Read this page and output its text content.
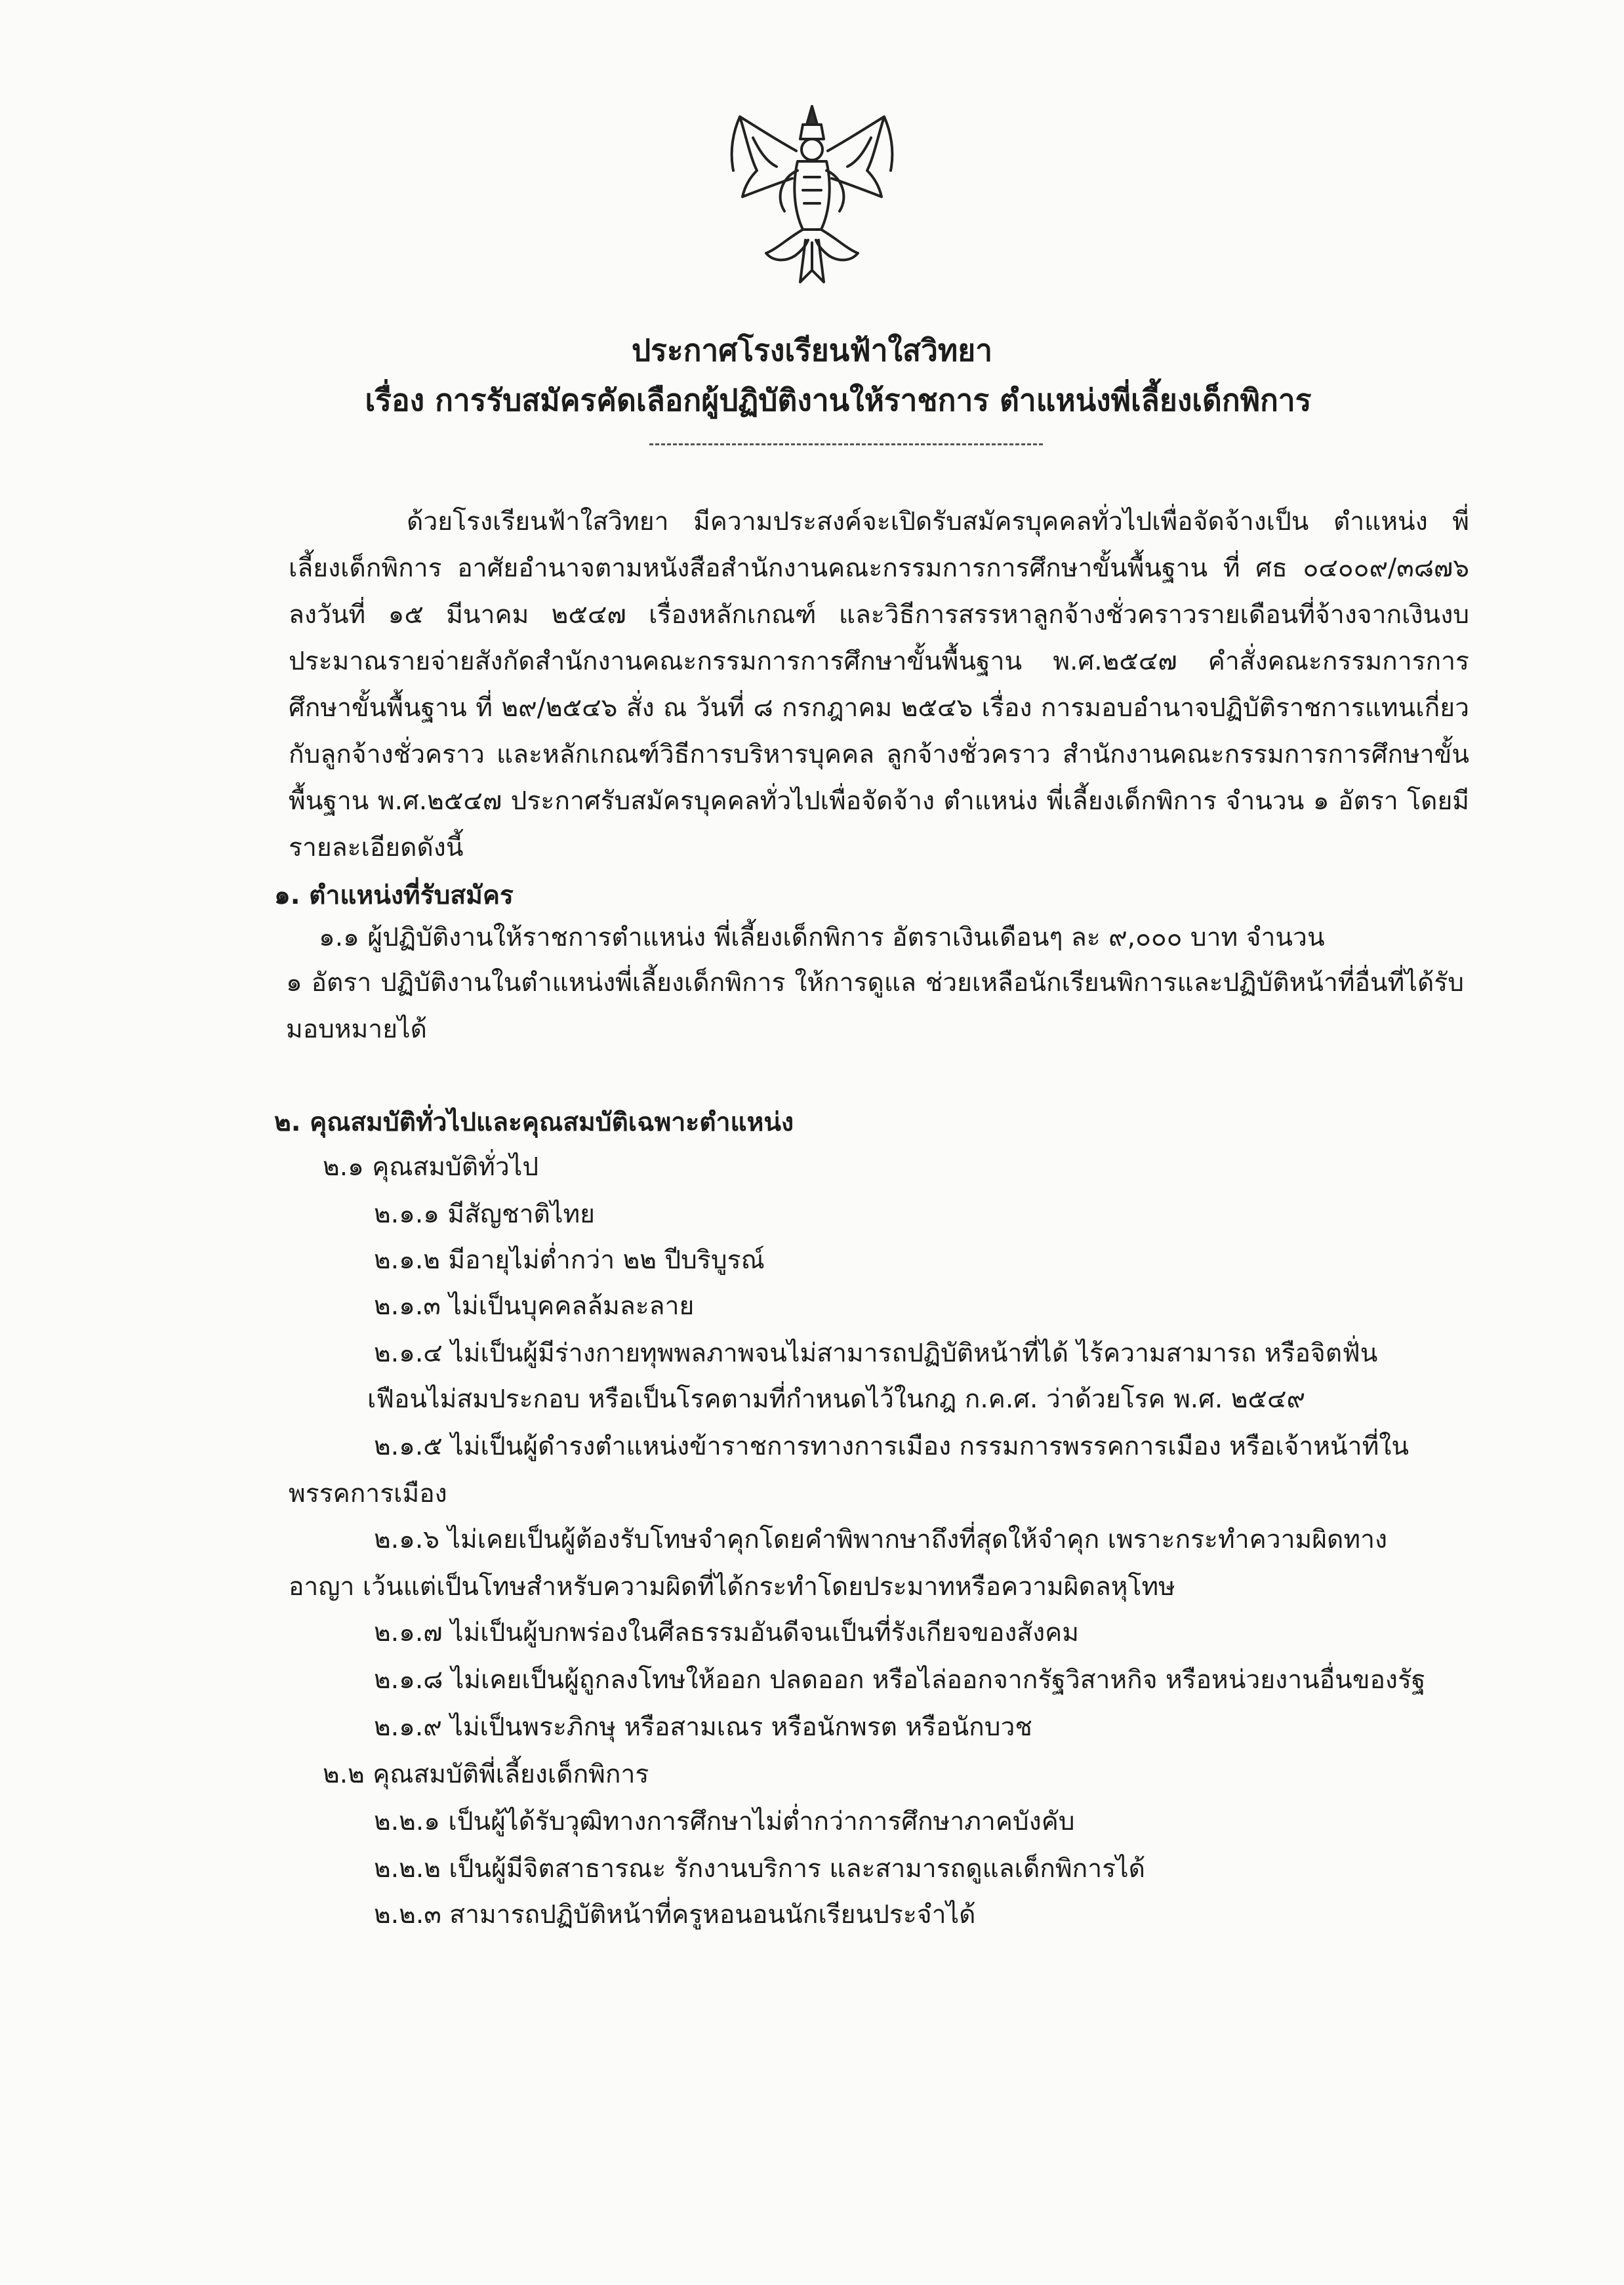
ประกาศโรงเรียนฟ้าใสวิทยา
เรื่อง การรับสมัครคัดเลือกผู้ปฏิบัติงานให้ราชการ ตำแหน่งพี่เลี้ยงเด็กพิการ
ด้วยโรงเรียนฟ้าใสวิทยา มีความประสงค์จะเปิดรับสมัครบุคคลทั่วไปเพื่อจัดจ้างเป็น ตำแหน่ง พี่เลี้ยงเด็กพิการ อาศัยอำนาจตามหนังสือสำนักงานคณะกรรมการการศึกษาขั้นพื้นฐาน ที่ ศธ ๐๔๐๐๙/๓๘๗๖ ลงวันที่ ๑๕ มีนาคม ๒๕๔๗ เรื่องหลักเกณฑ์ และวิธีการสรรหาลูกจ้างชั่วคราวรายเดือนที่จ้างจากเงินงบประมาณรายจ่ายสังกัดสำนักงานคณะกรรมการการศึกษาขั้นพื้นฐาน พ.ศ.๒๕๔๗ คำสั่งคณะกรรมการการศึกษาขั้นพื้นฐาน ที่ ๒๙/๒๕๔๖ สั่ง ณ วันที่ ๘ กรกฎาคม ๒๕๔๖ เรื่อง การมอบอำนาจปฏิบัติราชการแทนเกี่ยวกับลูกจ้างชั่วคราว และหลักเกณฑ์วิธีการบริหารบุคคล ลูกจ้างชั่วคราว สำนักงานคณะกรรมการการศึกษาขั้นพื้นฐาน พ.ศ.๒๕๔๗ ประกาศรับสมัครบุคคลทั่วไปเพื่อจัดจ้าง ตำแหน่ง พี่เลี้ยงเด็กพิการ จำนวน ๑ อัตรา โดยมีรายละเอียดดังนี้
๑. ตำแหน่งที่รับสมัคร
๑.๑ ผู้ปฏิบัติงานให้ราชการตำแหน่ง พี่เลี้ยงเด็กพิการ อัตราเงินเดือนๆ ละ ๙,๐๐๐ บาท จำนวน
๑ อัตรา ปฏิบัติงานในตำแหน่งพี่เลี้ยงเด็กพิการ ให้การดูแล ช่วยเหลือนักเรียนพิการและปฏิบัติหน้าที่อื่นที่ได้รับมอบหมายได้
๒. คุณสมบัติทั่วไปและคุณสมบัติเฉพาะตำแหน่ง
๒.๑ คุณสมบัติทั่วไป
๒.๑.๑ มีสัญชาติไทย
๒.๑.๒ มีอายุไม่ต่ำกว่า ๒๒ ปีบริบูรณ์
๒.๑.๓ ไม่เป็นบุคคลล้มละลาย
๒.๑.๔ ไม่เป็นผู้มีร่างกายทุพพลภาพจนไม่สามารถปฏิบัติหน้าที่ได้ ไร้ความสามารถ หรือจิตฟั่น
เฟือนไม่สมประกอบ หรือเป็นโรคตามที่กำหนดไว้ในกฎ ก.ค.ศ. ว่าด้วยโรค พ.ศ. ๒๕๔๙
๒.๑.๕ ไม่เป็นผู้ดำรงตำแหน่งข้าราชการทางการเมือง กรรมการพรรคการเมือง หรือเจ้าหน้าที่ใน
พรรคการเมือง
๒.๑.๖ ไม่เคยเป็นผู้ต้องรับโทษจำคุกโดยคำพิพากษาถึงที่สุดให้จำคุก เพราะกระทำความผิดทาง
อาญา เว้นแต่เป็นโทษสำหรับความผิดที่ได้กระทำโดยประมาทหรือความผิดลหุโทษ
๒.๑.๗ ไม่เป็นผู้บกพร่องในศีลธรรมอันดีจนเป็นที่รังเกียจของสังคม
๒.๑.๘ ไม่เคยเป็นผู้ถูกลงโทษให้ออก ปลดออก หรือไล่ออกจากรัฐวิสาหกิจ หรือหน่วยงานอื่นของรัฐ
๒.๑.๙ ไม่เป็นพระภิกษุ หรือสามเณร หรือนักพรต หรือนักบวช
๒.๒ คุณสมบัติพี่เลี้ยงเด็กพิการ
๒.๒.๑ เป็นผู้ได้รับวุฒิทางการศึกษาไม่ต่ำกว่าการศึกษาภาคบังคับ
๒.๒.๒ เป็นผู้มีจิตสาธารณะ รักงานบริการ และสามารถดูแลเด็กพิการได้
๒.๒.๓ สามารถปฏิบัติหน้าที่ครูหอนอนนักเรียนประจำได้
